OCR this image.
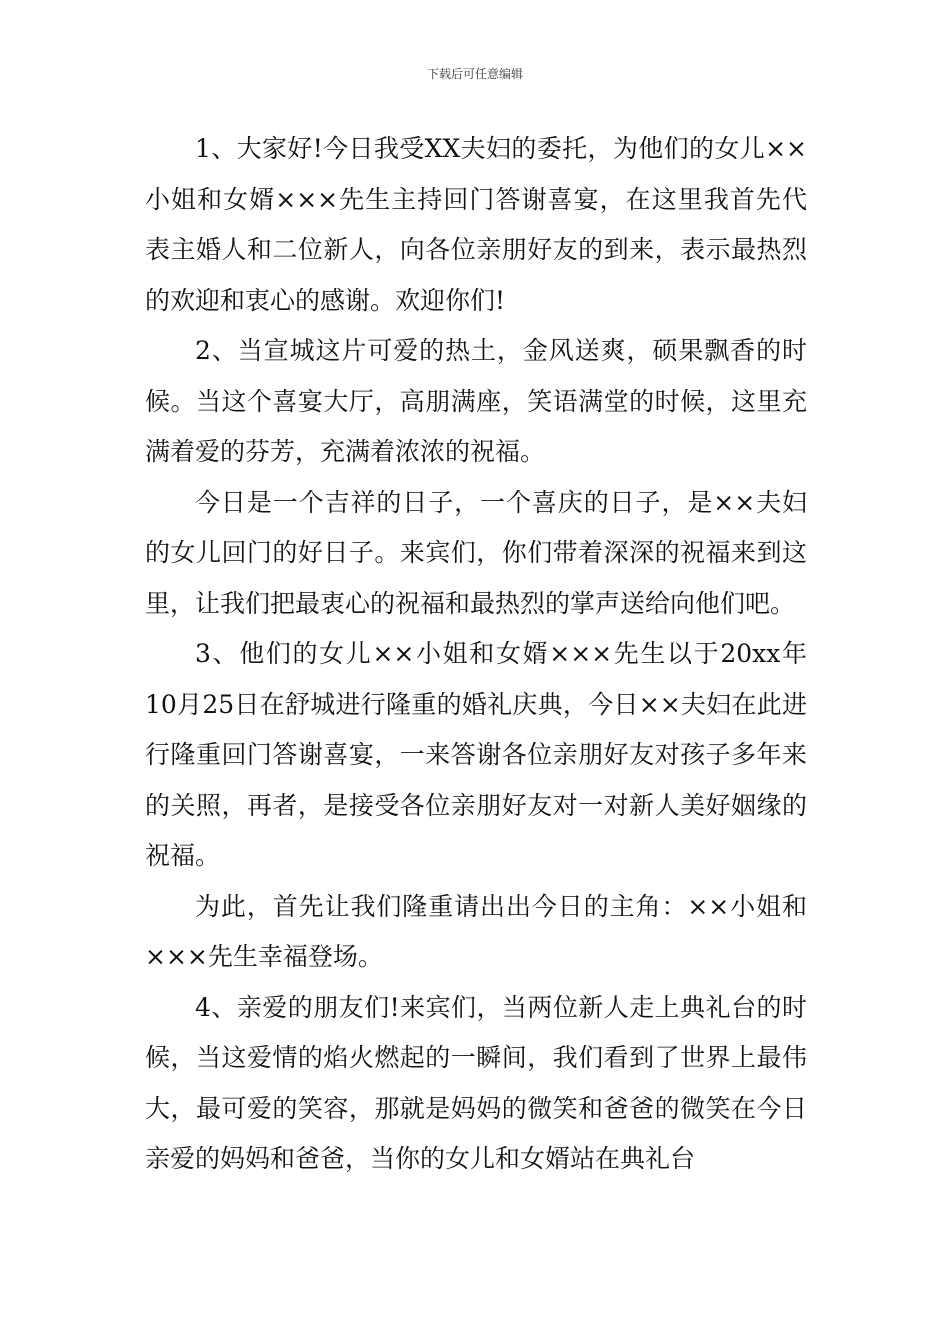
下载后可任意编辑

1、大家好!今日我受XX夫妇的委托，为他们的女儿××小姐和女婿×××先生主持回门答谢喜宴，在这里我首先代表主婚人和二位新人，向各位亲朋好友的到来，表示最热烈的欢迎和衷心的感谢。欢迎你们!

2、当宣城这片可爱的热土，金风送爽，硕果飘香的时候。当这个喜宴大厅，高朋满座，笑语满堂的时候，这里充满着爱的芬芳，充满着浓浓的祝福。

今日是一个吉祥的日子，一个喜庆的日子，是××夫妇的女儿回门的好日子。来宾们，你们带着深深的祝福来到这里，让我们把最衷心的祝福和最热烈的掌声送给向他们吧。

3、他们的女儿××小姐和女婿×××先生以于20xx年10月25日在舒城进行隆重的婚礼庆典，今日××夫妇在此进行隆重回门答谢喜宴，一来答谢各位亲朋好友对孩子多年来的关照，再者，是接受各位亲朋好友对一对新人美好姻缘的祝福。

为此，首先让我们隆重请出出今日的主角：××小姐和×××先生幸福登场。

4、亲爱的朋友们!来宾们，当两位新人走上典礼台的时候，当这爱情的焰火燃起的一瞬间，我们看到了世界上最伟大，最可爱的笑容，那就是妈妈的微笑和爸爸的微笑在今日亲爱的妈妈和爸爸，当你的女儿和女婿站在典礼台
